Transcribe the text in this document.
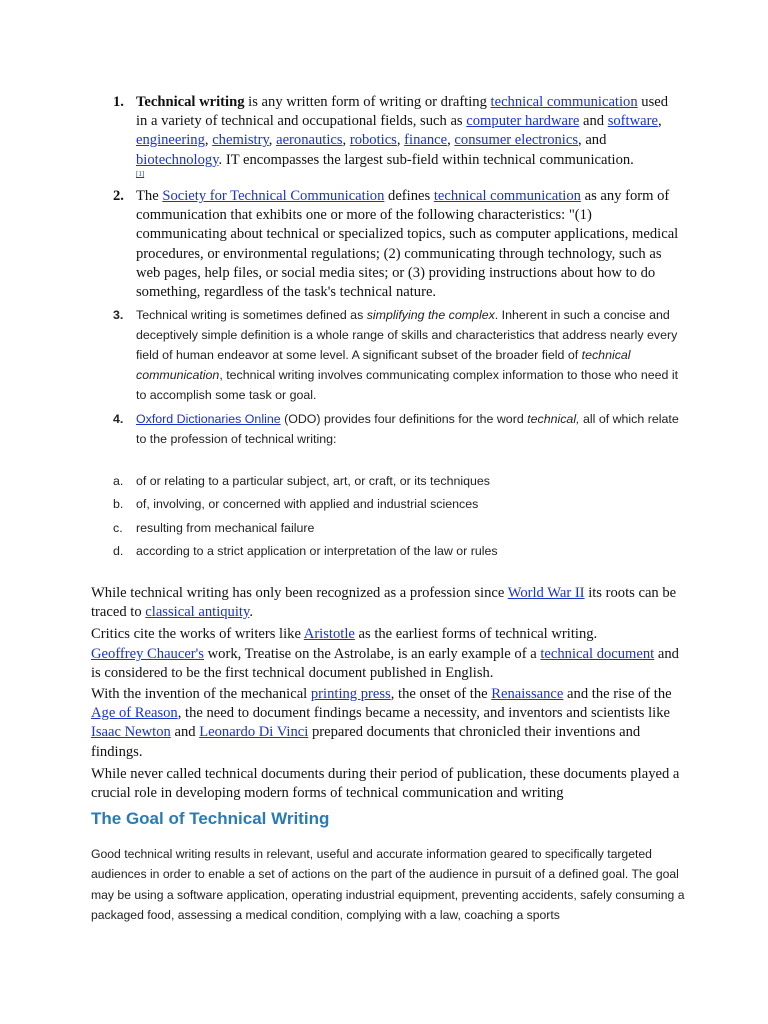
1. Technical writing is any written form of writing or drafting technical communication used in a variety of technical and occupational fields, such as computer hardware and software, engineering, chemistry, aeronautics, robotics, finance, consumer electronics, and biotechnology. IT encompasses the largest sub-field within technical communication.
[1]
2. The Society for Technical Communication defines technical communication as any form of communication that exhibits one or more of the following characteristics: "(1) communicating about technical or specialized topics, such as computer applications, medical procedures, or environmental regulations; (2) communicating through technology, such as web pages, help files, or social media sites; or (3) providing instructions about how to do something, regardless of the task's technical nature.
3. Technical writing is sometimes defined as simplifying the complex. Inherent in such a concise and deceptively simple definition is a whole range of skills and characteristics that address nearly every field of human endeavor at some level. A significant subset of the broader field of technical communication, technical writing involves communicating complex information to those who need it to accomplish some task or goal.
4. Oxford Dictionaries Online (ODO) provides four definitions for the word technical, all of which relate to the profession of technical writing:
a. of or relating to a particular subject, art, or craft, or its techniques
b. of, involving, or concerned with applied and industrial sciences
c. resulting from mechanical failure
d. according to a strict application or interpretation of the law or rules
While technical writing has only been recognized as a profession since World War II its roots can be traced to classical antiquity.
Critics cite the works of writers like Aristotle as the earliest forms of technical writing.
Geoffrey Chaucer's work, Treatise on the Astrolabe, is an early example of a technical document and is considered to be the first technical document published in English.
With the invention of the mechanical printing press, the onset of the Renaissance and the rise of the Age of Reason, the need to document findings became a necessity, and inventors and scientists like Isaac Newton and Leonardo Di Vinci prepared documents that chronicled their inventions and findings.
While never called technical documents during their period of publication, these documents played a crucial role in developing modern forms of technical communication and writing
The Goal of Technical Writing
Good technical writing results in relevant, useful and accurate information geared to specifically targeted audiences in order to enable a set of actions on the part of the audience in pursuit of a defined goal. The goal may be using a software application, operating industrial equipment, preventing accidents, safely consuming a packaged food, assessing a medical condition, complying with a law, coaching a sports
